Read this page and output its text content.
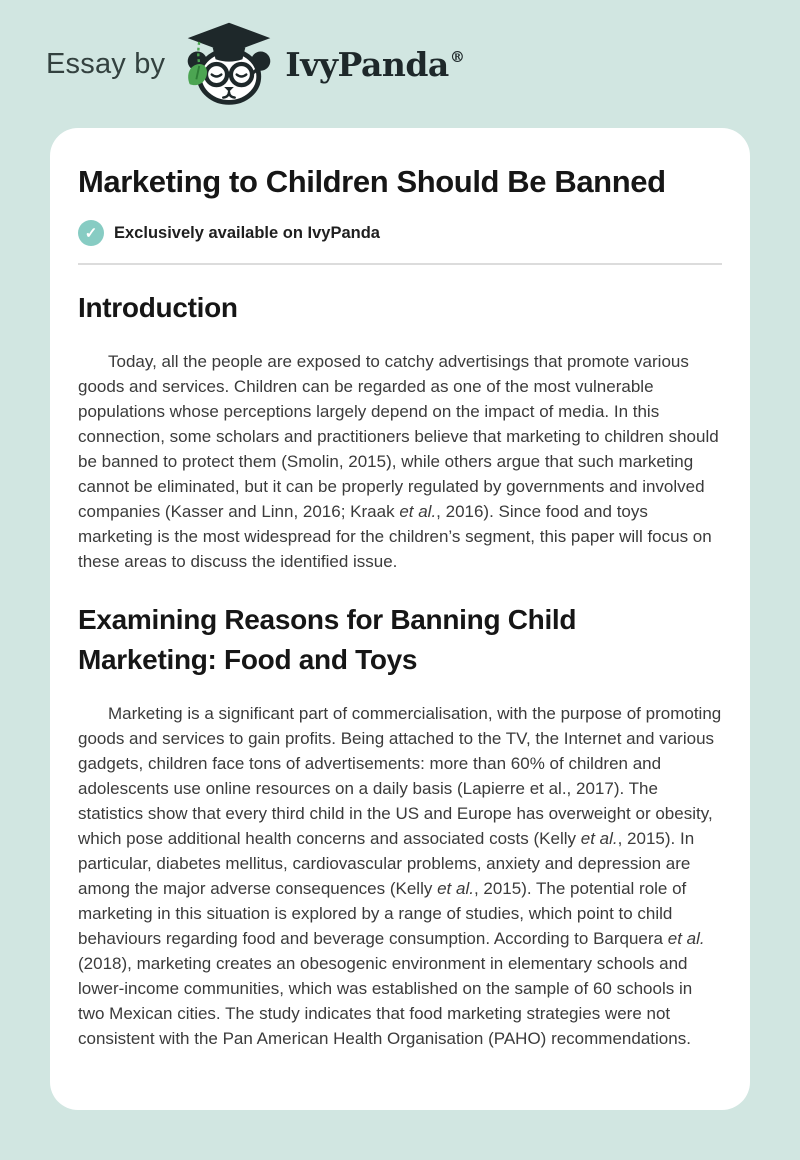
Essay by	IvyPanda®
Marketing to Children Should Be Banned
✓	Exclusively available on IvyPanda
Introduction

Today, all the people are exposed to catchy advertisings that promote various goods and services. Children can be regarded as one of the most vulnerable populations whose perceptions largely depend on the impact of media. In this connection, some scholars and practitioners believe that marketing to children should be banned to protect them (Smolin, 2015), while others argue that such marketing cannot be eliminated, but it can be properly regulated by governments and involved companies (Kasser and Linn, 2016; Kraak et al., 2016). Since food and toys marketing is the most widespread for the children’s segment, this paper will focus on these areas to discuss the identified issue.

Examining Reasons for Banning Child Marketing: Food and Toys

Marketing is a significant part of commercialisation, with the purpose of promoting goods and services to gain profits. Being attached to the TV, the Internet and various gadgets, children face tons of advertisements: more than 60% of children and adolescents use online resources on a daily basis (Lapierre et al., 2017). The statistics show that every third child in the US and Europe has overweight or obesity, which pose additional health concerns and associated costs (Kelly et al., 2015). In particular, diabetes mellitus, cardiovascular problems, anxiety and depression are among the major adverse consequences (Kelly et al., 2015). The potential role of marketing in this situation is explored by a range of studies, which point to child behaviours regarding food and beverage consumption. According to Barquera et al. (2018), marketing creates an obesogenic environment in elementary schools and lower-income communities, which was established on the sample of 60 schools in two Mexican cities. The study indicates that food marketing strategies were not consistent with the Pan American Health Organisation (PAHO) recommendations.
